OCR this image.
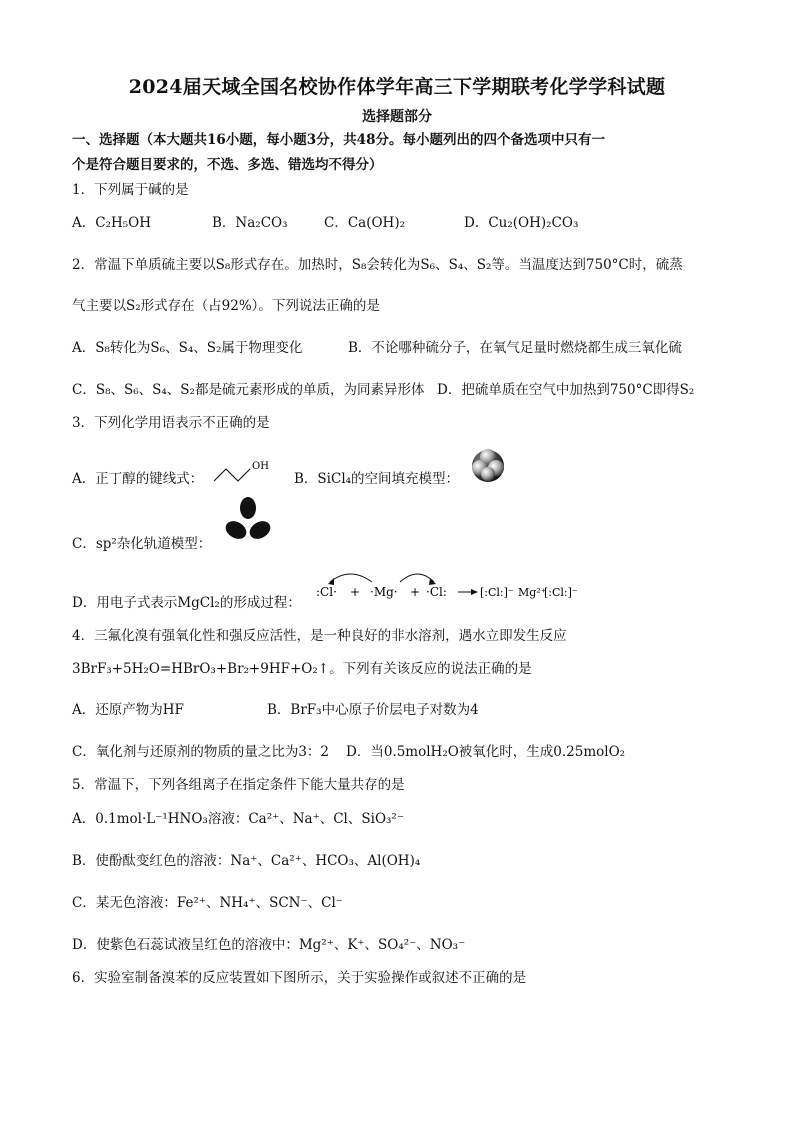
2024届天域全国名校协作体学年高三下学期联考化学学科试题
选择题部分
一、选择题（本大题共16小题，每小题3分，共48分。每小题列出的四个备选项中只有一
个是符合题目要求的，不选、多选、错选均不得分）
1．下列属于碱的是
A．C₂H₅OH	B．Na₂CO₃	C．Ca(OH)₂	D．Cu₂(OH)₂CO₃
2．常温下单质硫主要以S₈形式存在。加热时，S₈会转化为S₆、S₄、S₂等。当温度达到750°C时，硫蒸
气主要以S₂形式存在（占92%）。下列说法正确的是
A．S₈转化为S₆、S₄、S₂属于物理变化	B．不论哪种硫分子，在氧气足量时燃烧都生成三氧化硫
C．S₈、S₆、S₄、S₂都是硫元素形成的单质，为同素异形体 D．把硫单质在空气中加热到750°C即得S₂
3．下列化学用语表示不正确的是
A．正丁醇的键线式：
OH
B．SiCl₄的空间填充模型：
C．sp²杂化轨道模型：
D．用电子式表示MgCl₂的形成过程：
:Cl· + ·Mg· + ·Cl:	[:Cl:]⁻ Mg²⁺
[:Cl:]⁻
4．三氟化溴有强氧化性和强反应活性，是一种良好的非水溶剂，遇水立即发生反应
3BrF₃+5H₂O=HBrO₃+Br₂+9HF+O₂↑。下列有关该反应的说法正确的是
A．还原产物为HF	B．BrF₃中心原子价层电子对数为4
C．氧化剂与还原剂的物质的量之比为3：2 D．当0.5molH₂O被氧化时，生成0.25molO₂
5．常温下，下列各组离子在指定条件下能大量共存的是
A．0.1mol·L⁻¹HNO₃溶液：Ca²⁺、Na⁺、Cl、SiO₃²⁻
B．使酚酞变红色的溶液：Na⁺、Ca²⁺、HCO₃、Al(OH)₄
C．某无色溶液：Fe²⁺、NH₄⁺、SCN⁻、Cl⁻
D．使紫色石蕊试液呈红色的溶液中：Mg²⁺、K⁺、SO₄²⁻、NO₃⁻
6．实验室制备溴苯的反应装置如下图所示，关于实验操作或叙述不正确的是
